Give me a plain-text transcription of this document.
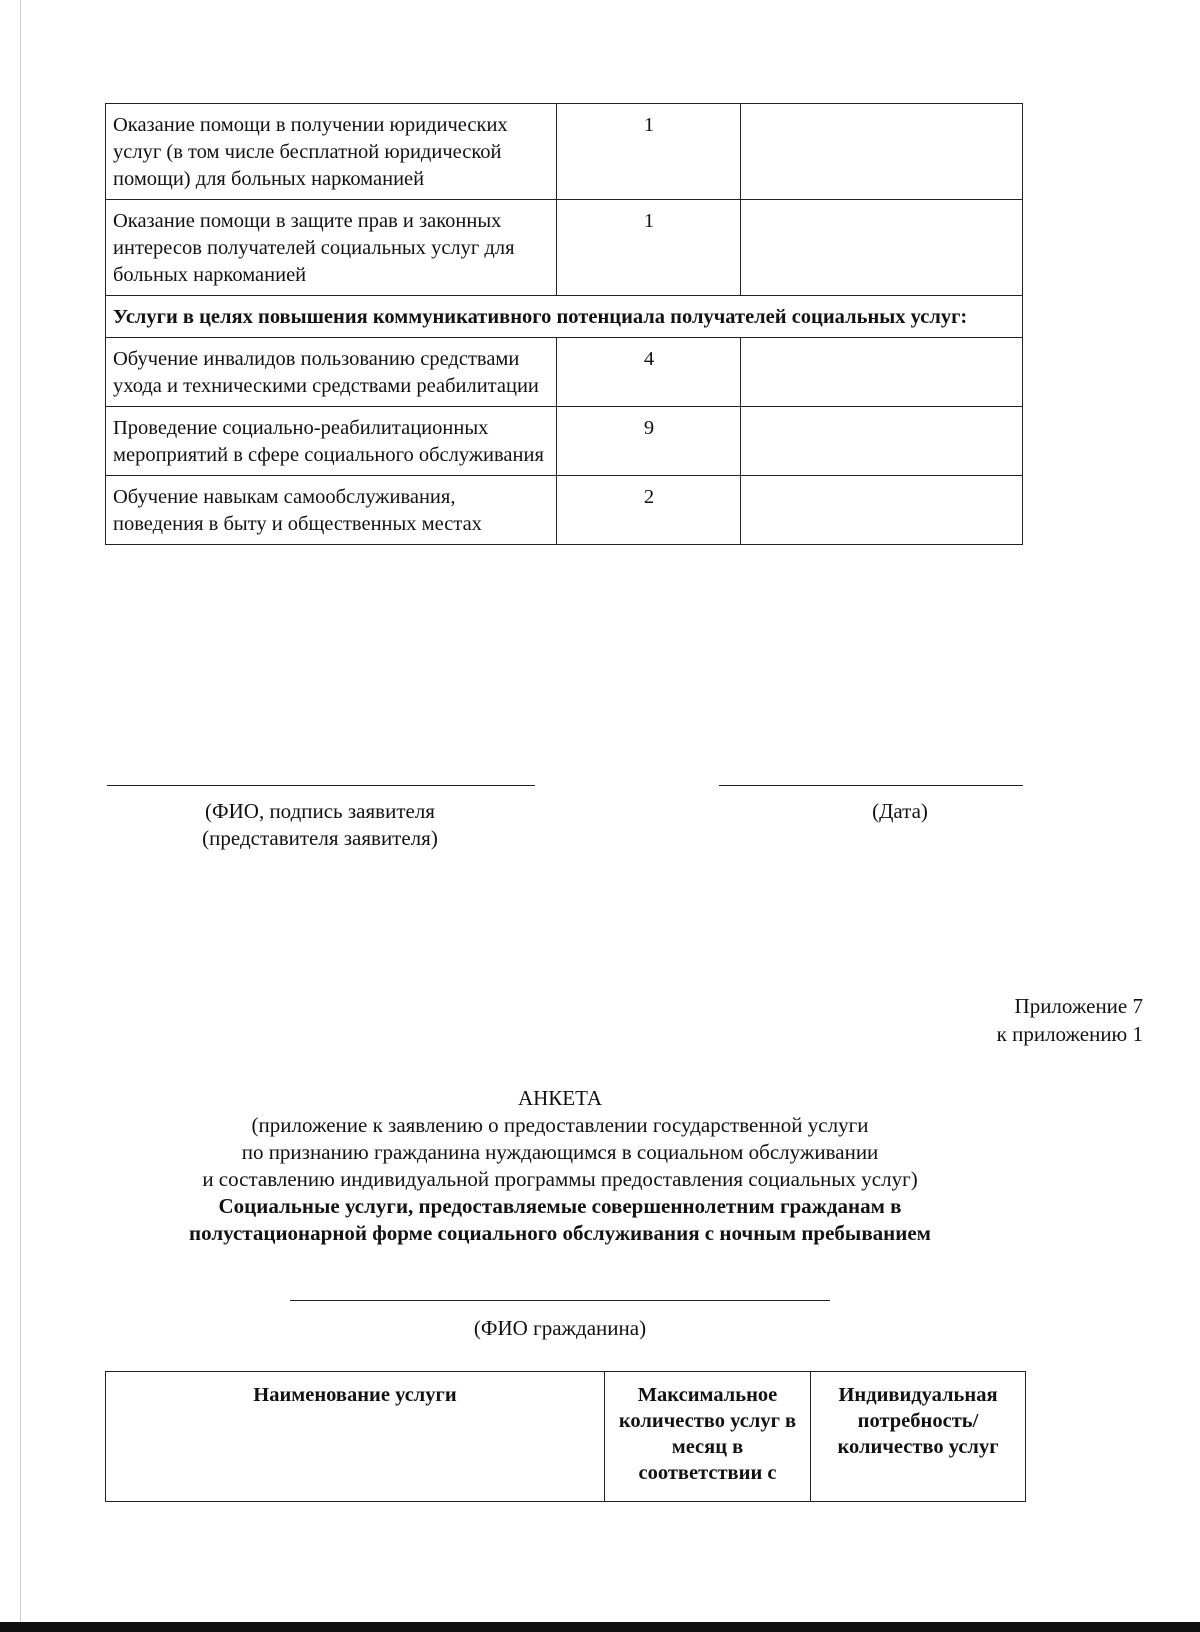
Оказание помощи в получении юридических услуг (в том числе бесплатной юридической помощи) для больных наркоманией	1	
Оказание помощи в защите прав и законных интересов получателей социальных услуг для больных наркоманией	1	
Услуги в целях повышения коммуникативного потенциала получателей социальных услуг:		
Обучение инвалидов пользованию средствами ухода и техническими средствами реабилитации	4	
Проведение социально-реабилитационных мероприятий в сфере социального обслуживания	9	
Обучение навыкам самообслуживания, поведения в быту и общественных местах	2	
(ФИО, подпись заявителя
(представителя заявителя)
(Дата)
Приложение 7
к приложению 1
АНКЕТА
(приложение к заявлению о предоставлении государственной услуги
по признанию гражданина нуждающимся в социальном обслуживании
и составлению индивидуальной программы предоставления социальных услуг)
Социальные услуги, предоставляемые совершеннолетним гражданам в
полустационарной форме социального обслуживания с ночным пребыванием
(ФИО гражданина)
Наименование услуги	Максимальное количество услуг в месяц в соответствии с	Индивидуальная потребность/количество услуг
